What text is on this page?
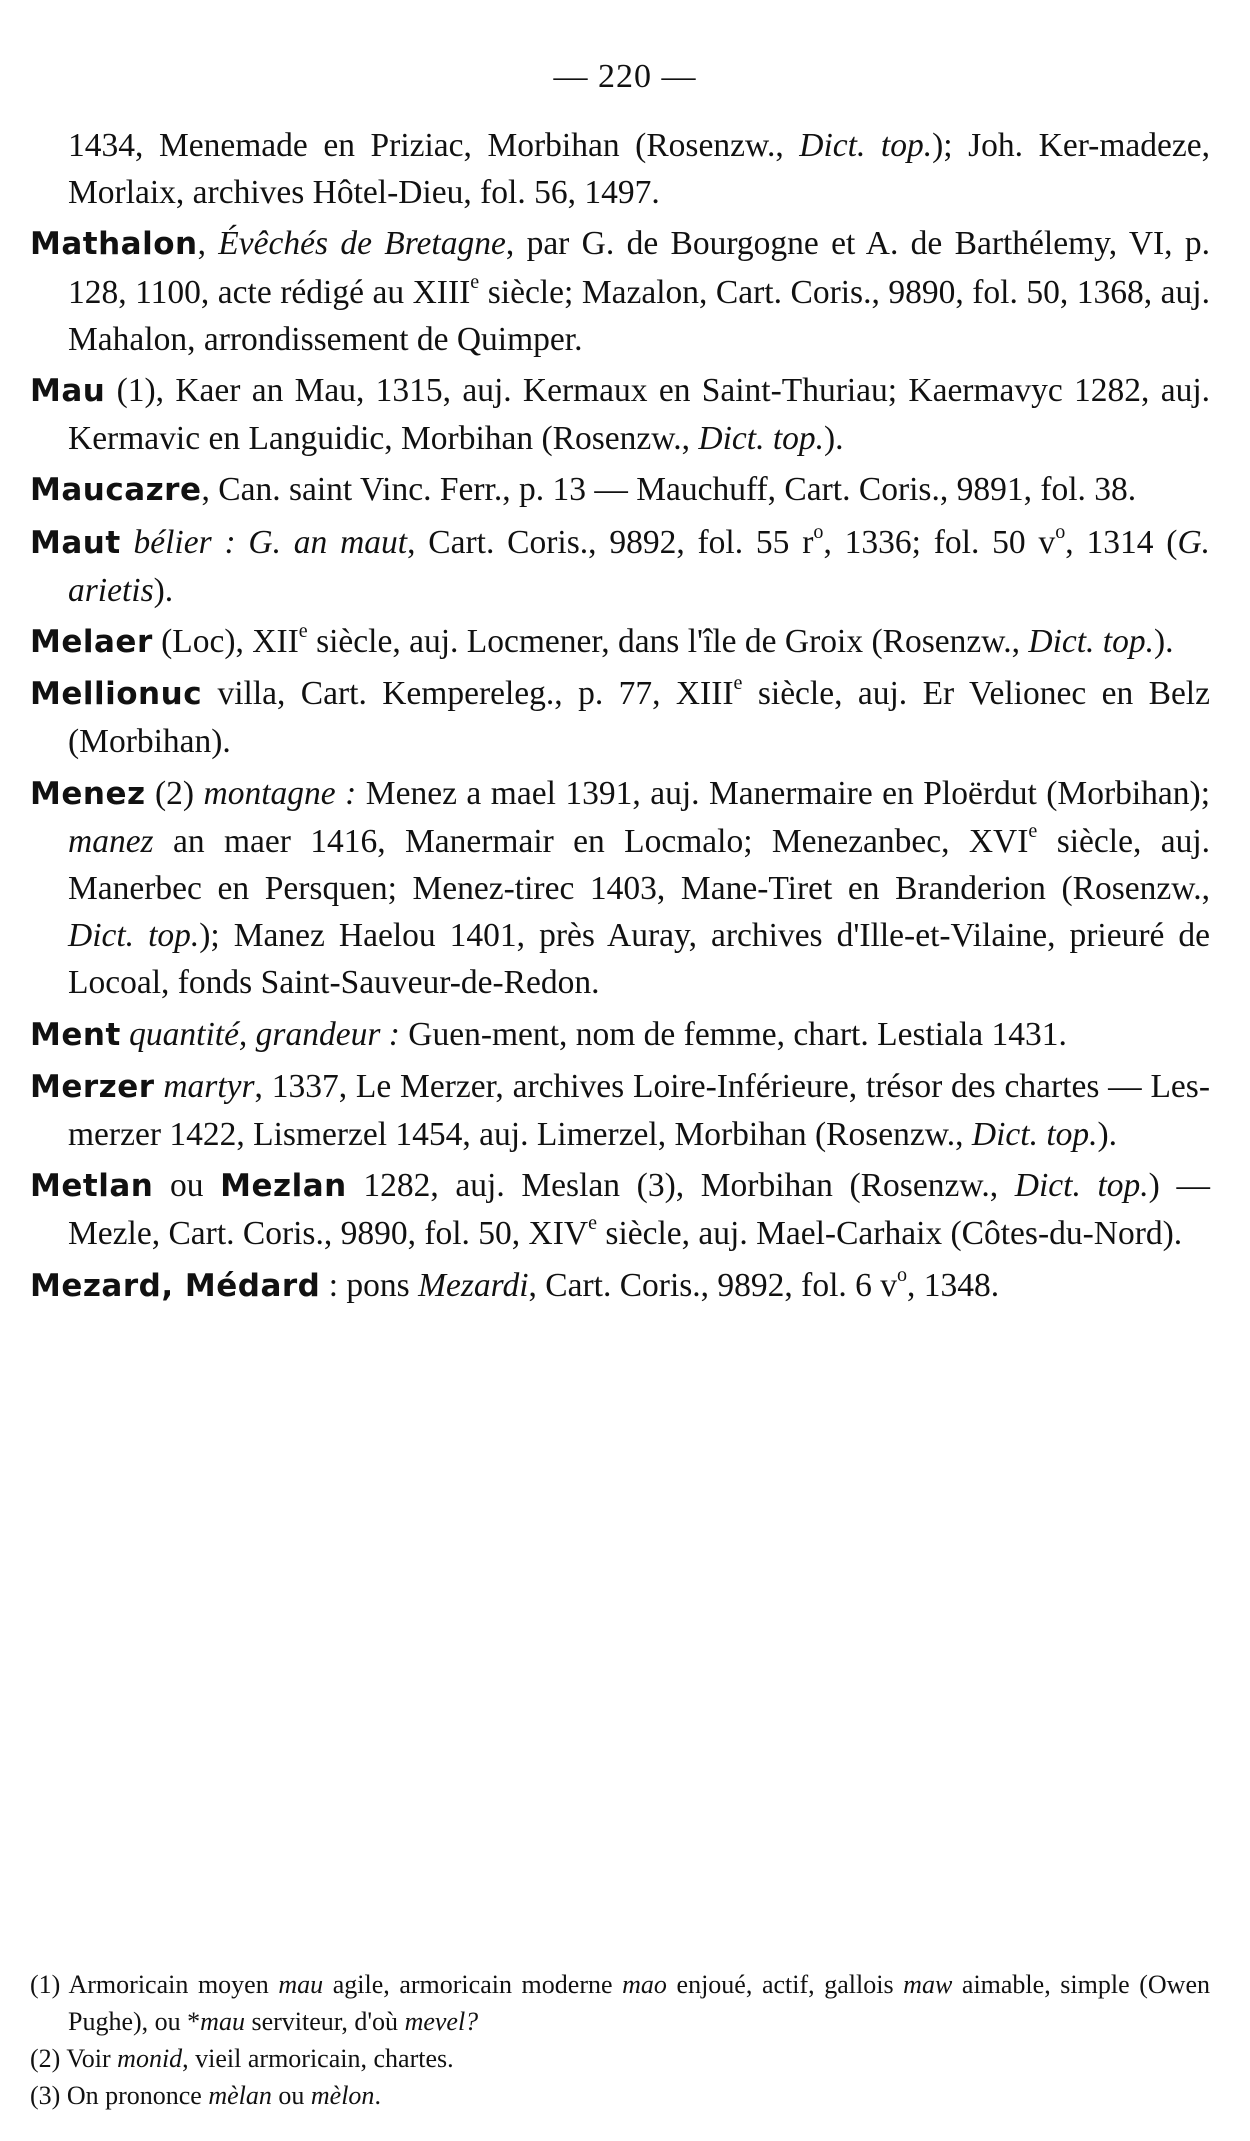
— 220 —

1434, Menemade en Priziac, Morbihan (Rosenzw., Dict. top.); Joh. Ker-madeze, Morlaix, archives Hôtel-Dieu, fol. 56, 1497.

Mathalon, Évêchés de Bretagne, par G. de Bourgogne et A. de Barthélemy, VI, p. 128, 1100, acte rédigé au XIIIe siècle; Mazalon, Cart. Coris., 9890, fol. 50, 1368, auj. Mahalon, arrondissement de Quimper.

Mau (1), Kaer an Mau, 1315, auj. Kermaux en Saint-Thuriau; Kaermavyc 1282, auj. Kermavic en Languidic, Morbihan (Rosenzw., Dict. top.).

Maucazre, Can. saint Vinc. Ferr., p. 13 — Mauchuff, Cart. Coris., 9891, fol. 38.

Maut bélier : G. an maut, Cart. Coris., 9892, fol. 55 $r^o$, 1336; fol. 50 $v^o$, 1314 (G. arietis).

Melaer (Loc), XIIe siècle, auj. Locmener, dans l'île de Groix (Rosenzw., Dict. top.).

Mellionuc villa, Cart. Kempereleg., p. 77, XIIIe siècle, auj. Er Velionec en Belz (Morbihan).

Menez (2) montagne : Menez a mael 1391, auj. Manermaire en Ploërdut (Morbihan); manez an maer 1416, Manermair en Locmalo; Menezanbec, XVIe siècle, auj. Manerbec en Persquen; Menez-tirec 1403, Mane-Tiret en Branderion (Rosenzw., Dict. top.); Manez Haelou 1401, près Auray, archives d'Ille-et-Vilaine, prieuré de Locoal, fonds Saint-Sauveur-de-Redon.

Ment quantité, grandeur : Guen-ment, nom de femme, chart. Lestiala 1431.

Merzer martyr, 1337, Le Merzer, archives Loire-Inférieure, trésor des chartes — Les-merzer 1422, Lismerzel 1454, auj. Limerzel, Morbihan (Rosenzw., Dict. top.).

Metlan ou Mezlan 1282, auj. Meslan (3), Morbihan (Rosenzw., Dict. top.) — Mezle, Cart. Coris., 9890, fol. 50, XIVe siècle, auj. Mael-Carhaix (Côtes-du-Nord).

Mezard, Médard : pons Mezardi, Cart. Coris., 9892, fol. 6 $v^o$, 1348.

(1) Armoricain moyen mau agile, armoricain moderne mao enjoué, actif, gallois maw aimable, simple (Owen Pughe), ou *mau serviteur, d'où mevel?

(2) Voir monid, vieil armoricain, chartes.

(3) On prononce mèlan ou mèlon.
